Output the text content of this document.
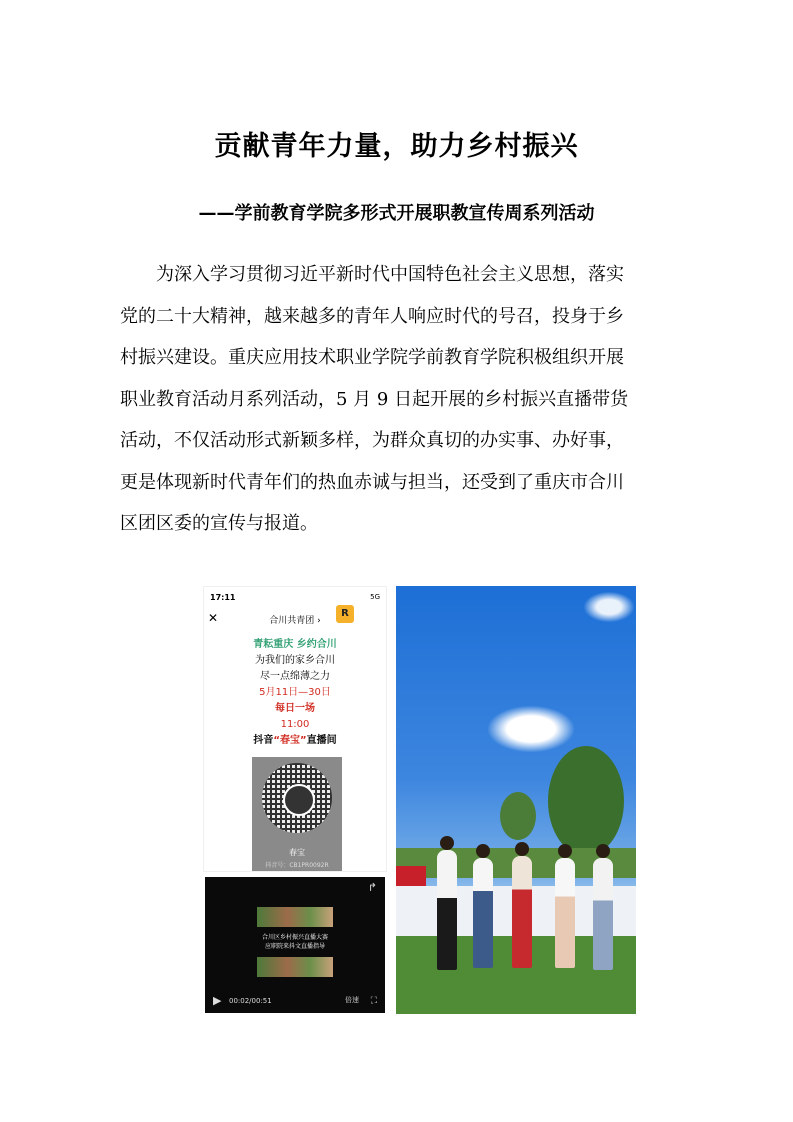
贡献青年力量，助力乡村振兴
——学前教育学院多形式开展职教宣传周系列活动

为深入学习贯彻习近平新时代中国特色社会主义思想，落实
党的二十大精神，越来越多的青年人响应时代的号召，投身于乡
村振兴建设。重庆应用技术职业学院学前教育学院积极组织开展
职业教育活动月系列活动，5 月 9 日起开展的乡村振兴直播带货
活动，不仅活动形式新颖多样，为群众真切的办实事、办好事，
更是体现新时代青年们的热血赤诚与担当，还受到了重庆市合川
区团区委的宣传与报道。

17:11	5G
✕	合川共青团 ›
R
青耘重庆 乡约合川
为我们的家乡合川
尽一点绵薄之力
5月11日—30日
每日一场
11:00
抖音“春宝”直播间
春宝
抖音号：CB1PR0092R
↱
合川区乡村振兴直播大赛
应职院来抖文直播指导
▶ 00:02/00:51	倍速 ⛶
